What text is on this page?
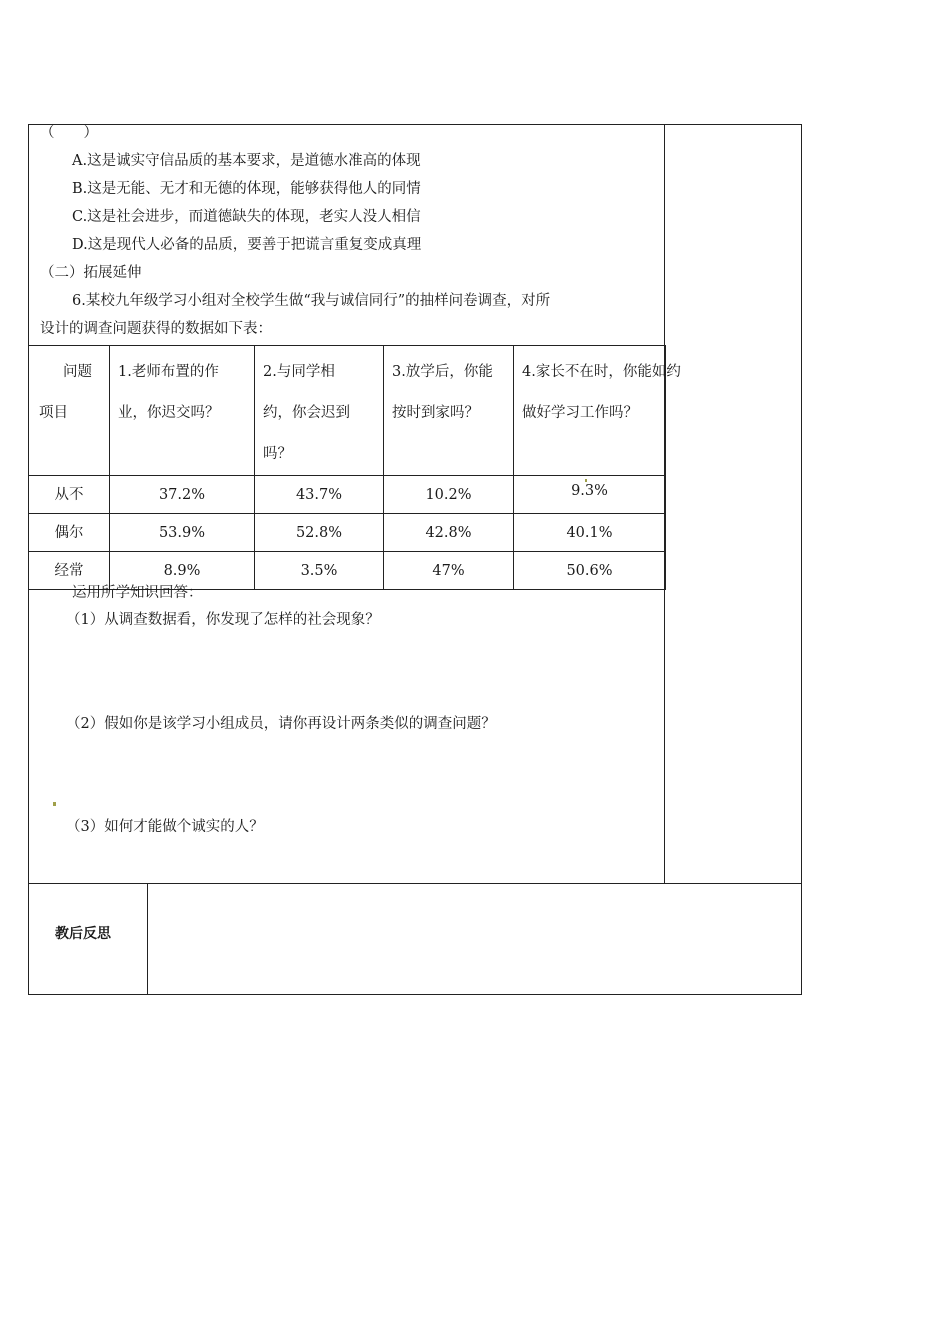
（　　）
A.这是诚实守信品质的基本要求，是道德水准高的体现
B.这是无能、无才和无德的体现，能够获得他人的同情
C.这是社会进步，而道德缺失的体现，老实人没人相信
D.这是现代人必备的品质，要善于把谎言重复变成真理
（二）拓展延伸
6.某校九年级学习小组对全校学生做“我与诚信同行”的抽样问卷调查，对所
设计的调查问题获得的数据如下表：
问题
项目	1.老师布置的作业，你迟交吗？	2.与同学相约，你会迟到吗？	3.放学后，你能按时到家吗？	4.家长不在时，你能如约做好学习工作吗？

从不	37.2%	43.7%	10.2%	9.3%
偶尔	53.9%	52.8%	42.8%	40.1%
经常	8.9%	3.5%	47%	50.6%
运用所学知识回答：
（1）从调查数据看，你发现了怎样的社会现象？
（2）假如你是该学习小组成员，请你再设计两条类似的调查问题？
（3）如何才能做个诚实的人？
教后反思
